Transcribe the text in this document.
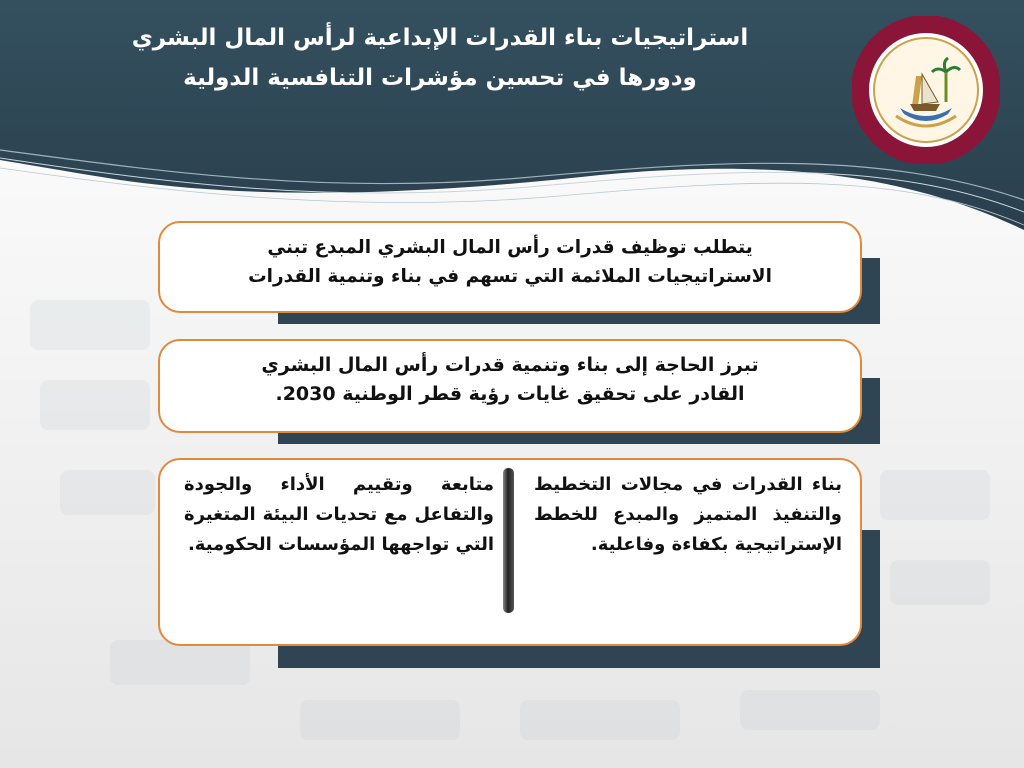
استراتيجيات بناء القدرات الإبداعية لرأس المال البشري
ودورها في تحسين مؤشرات التنافسية الدولية
يتطلب توظيف قدرات رأس المال البشري المبدع تبني
الاستراتيجيات الملائمة التي تسهم في بناء وتنمية القدرات
تبرز الحاجة إلى بناء وتنمية قدرات رأس المال البشري
القادر على تحقيق غايات رؤية قطر الوطنية 2030.
بناء القدرات في مجالات التخطيط والتنفيذ المتميز والمبدع للخطط الإستراتيجية بكفاءة وفاعلية.
متابعة وتقييم الأداء والجودة والتفاعل مع تحديات البيئة المتغيرة التي تواجهها المؤسسات الحكومية.
